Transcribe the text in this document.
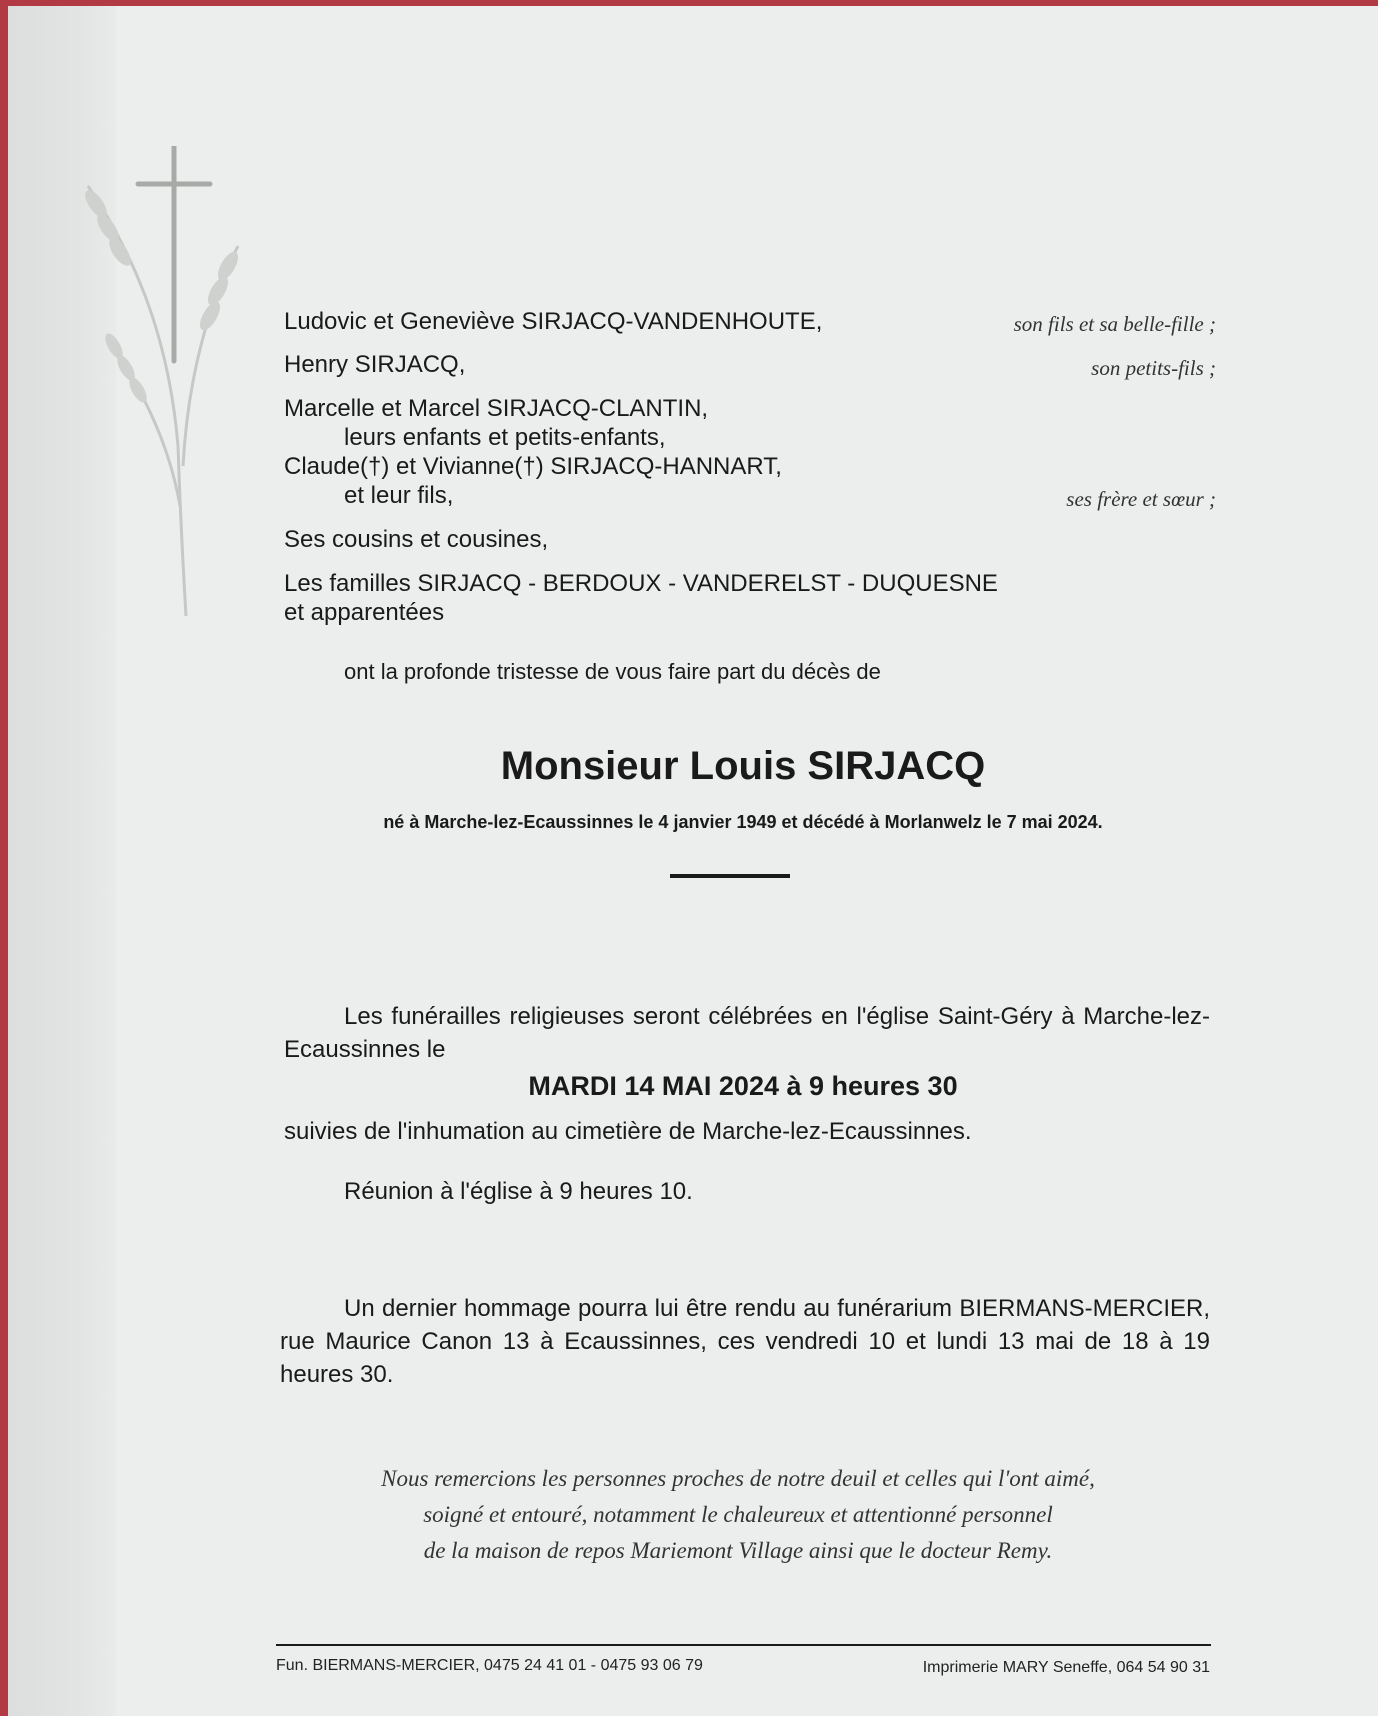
Ludovic et Geneviève SIRJACQ-VANDENHOUTE,	son fils et sa belle-fille ;
Henry SIRJACQ,	son petits-fils ;
Marcelle et Marcel SIRJACQ-CLANTIN,
leurs enfants et petits-enfants,
Claude(†) et Vivianne(†) SIRJACQ-HANNART,
et leur fils,	ses frère et sœur ;
Ses cousins et cousines,
Les familles SIRJACQ - BERDOUX - VANDERELST - DUQUESNE
et apparentées
ont la profonde tristesse de vous faire part du décès de
Monsieur Louis SIRJACQ
né à Marche-lez-Ecaussinnes le 4 janvier 1949 et décédé à Morlanwelz le 7 mai 2024.
Les funérailles religieuses seront célébrées en l'église Saint-Géry à Marche-lez-Ecaussinnes le
MARDI 14 MAI 2024 à 9 heures 30
suivies de l'inhumation au cimetière de Marche-lez-Ecaussinnes.
Réunion à l'église à 9 heures 10.
Un dernier hommage pourra lui être rendu au funérarium BIERMANS-MERCIER, rue Maurice Canon 13 à Ecaussinnes, ces vendredi 10 et lundi 13 mai de 18 à 19 heures 30.
Nous remercions les personnes proches de notre deuil et celles qui l'ont aimé,
soigné et entouré, notamment le chaleureux et attentionné personnel
de la maison de repos Mariemont Village ainsi que le docteur Remy.
Fun. BIERMANS-MERCIER, 0475 24 41 01 - 0475 93 06 79	Imprimerie MARY Seneffe, 064 54 90 31
